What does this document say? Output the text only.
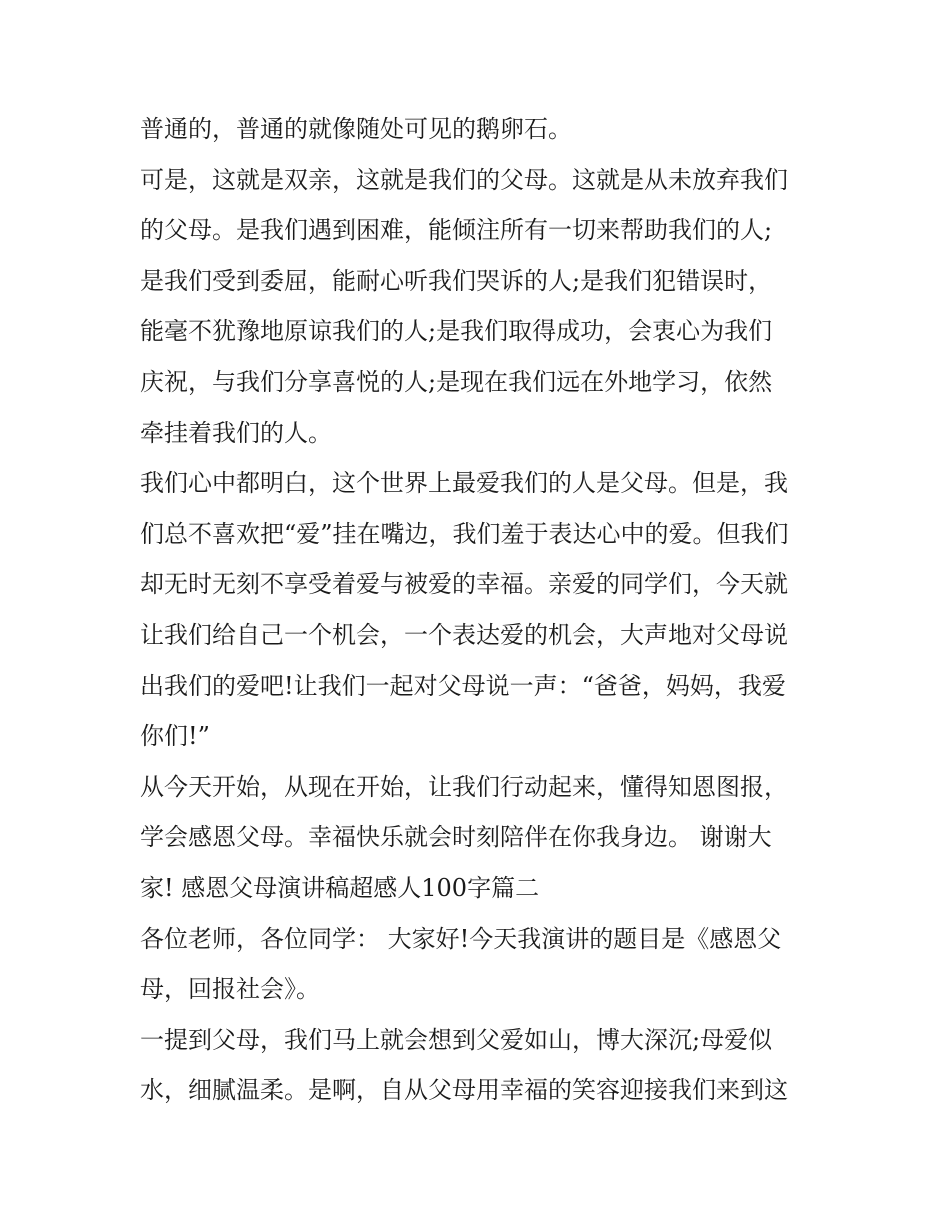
普通的，普通的就像随处可见的鹅卵石。
可是，这就是双亲，这就是我们的父母。这就是从未放弃我们
的父母。是我们遇到困难，能倾注所有一切来帮助我们的人;
是我们受到委屈，能耐心听我们哭诉的人;是我们犯错误时，
能毫不犹豫地原谅我们的人;是我们取得成功，会衷心为我们
庆祝，与我们分享喜悦的人;是现在我们远在外地学习，依然
牵挂着我们的人。
我们心中都明白，这个世界上最爱我们的人是父母。但是，我
们总不喜欢把“爱”挂在嘴边，我们羞于表达心中的爱。但我们
却无时无刻不享受着爱与被爱的幸福。亲爱的同学们，今天就
让我们给自己一个机会，一个表达爱的机会，大声地对父母说
出我们的爱吧!让我们一起对父母说一声：“爸爸，妈妈，我爱
你们!”
从今天开始，从现在开始，让我们行动起来，懂得知恩图报，
学会感恩父母。幸福快乐就会时刻陪伴在你我身边。 谢谢大
家! 感恩父母演讲稿超感人100字篇二
各位老师，各位同学： 大家好!今天我演讲的题目是《感恩父
母，回报社会》。
一提到父母，我们马上就会想到父爱如山，博大深沉;母爱似
水，细腻温柔。是啊，自从父母用幸福的笑容迎接我们来到这
